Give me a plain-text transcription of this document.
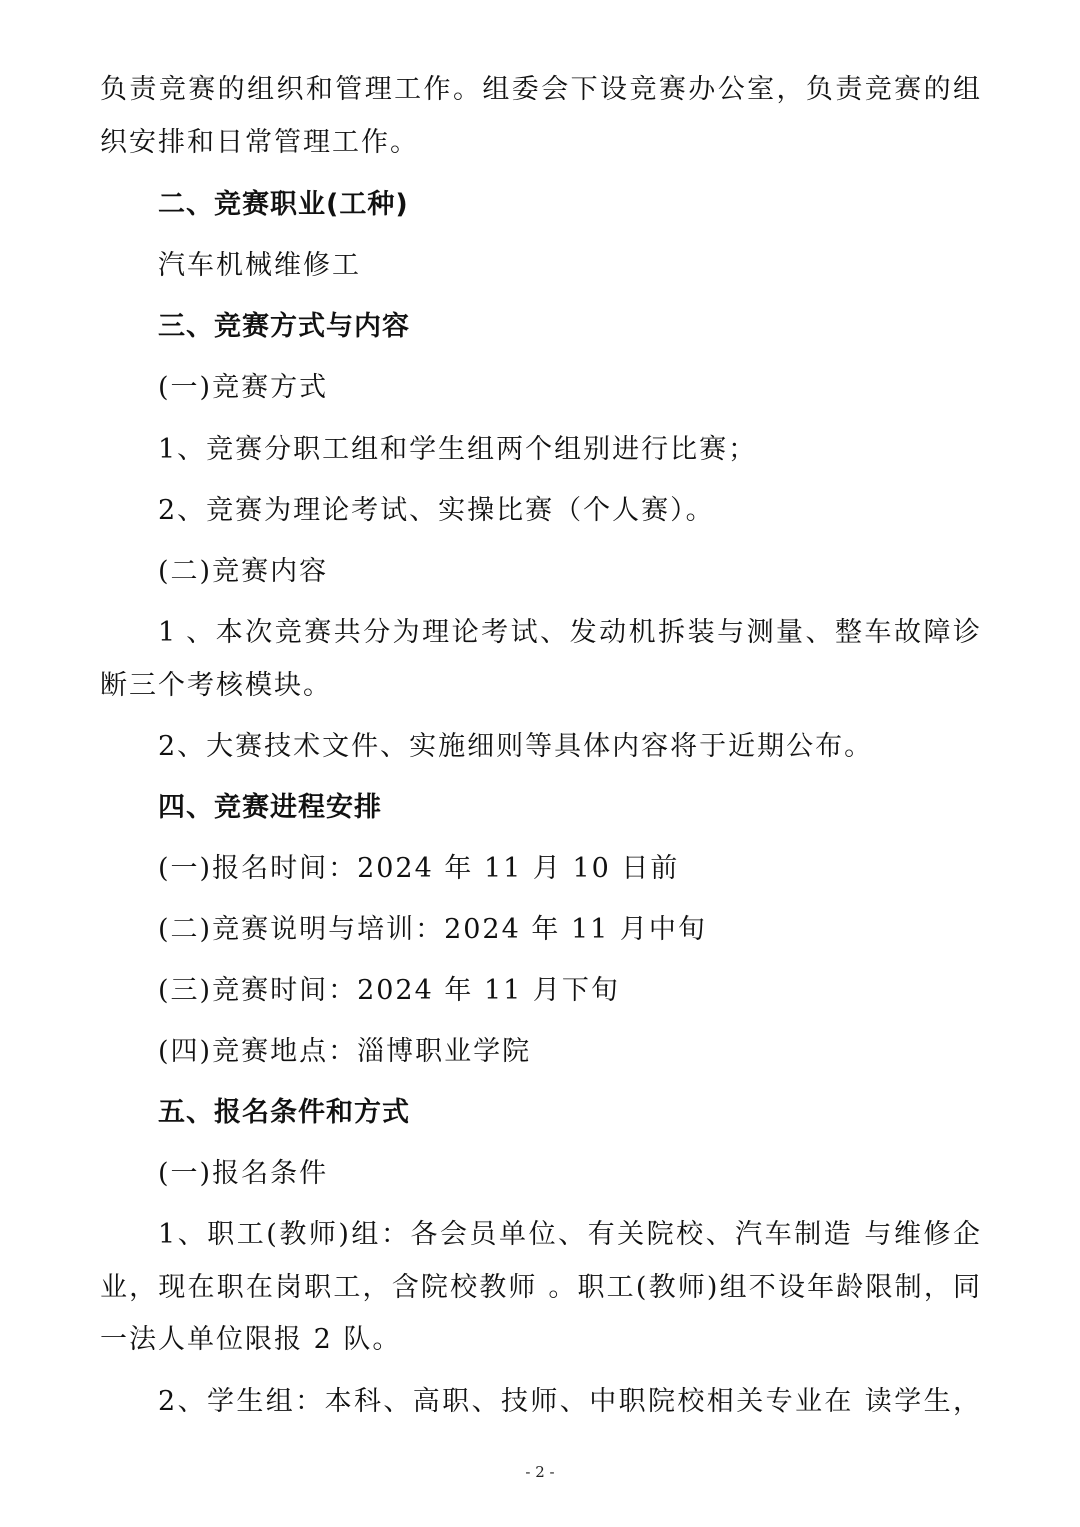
负责竞赛的组织和管理工作。组委会下设竞赛办公室，负责竞赛的组
织安排和日常管理工作。
二、竞赛职业(工种)
汽车机械维修工
三、竞赛方式与内容
(一)竞赛方式
1、竞赛分职工组和学生组两个组别进行比赛；
2、竞赛为理论考试、实操比赛（个人赛）。
(二)竞赛内容
1 、本次竞赛共分为理论考试、发动机拆装与测量、整车故障诊
断三个考核模块。
2、大赛技术文件、实施细则等具体内容将于近期公布。
四、竞赛进程安排
(一)报名时间：2024 年 11 月 10 日前
(二)竞赛说明与培训：2024 年 11 月中旬
(三)竞赛时间：2024 年 11 月下旬
(四)竞赛地点：淄博职业学院
五、报名条件和方式
(一)报名条件
1、职工(教师)组：各会员单位、有关院校、汽车制造 与维修企
业，现在职在岗职工，含院校教师 。职工(教师)组不设年龄限制，同
一法人单位限报 2 队。
2、学生组：本科、高职、技师、中职院校相关专业在 读学生，
- 2 -
